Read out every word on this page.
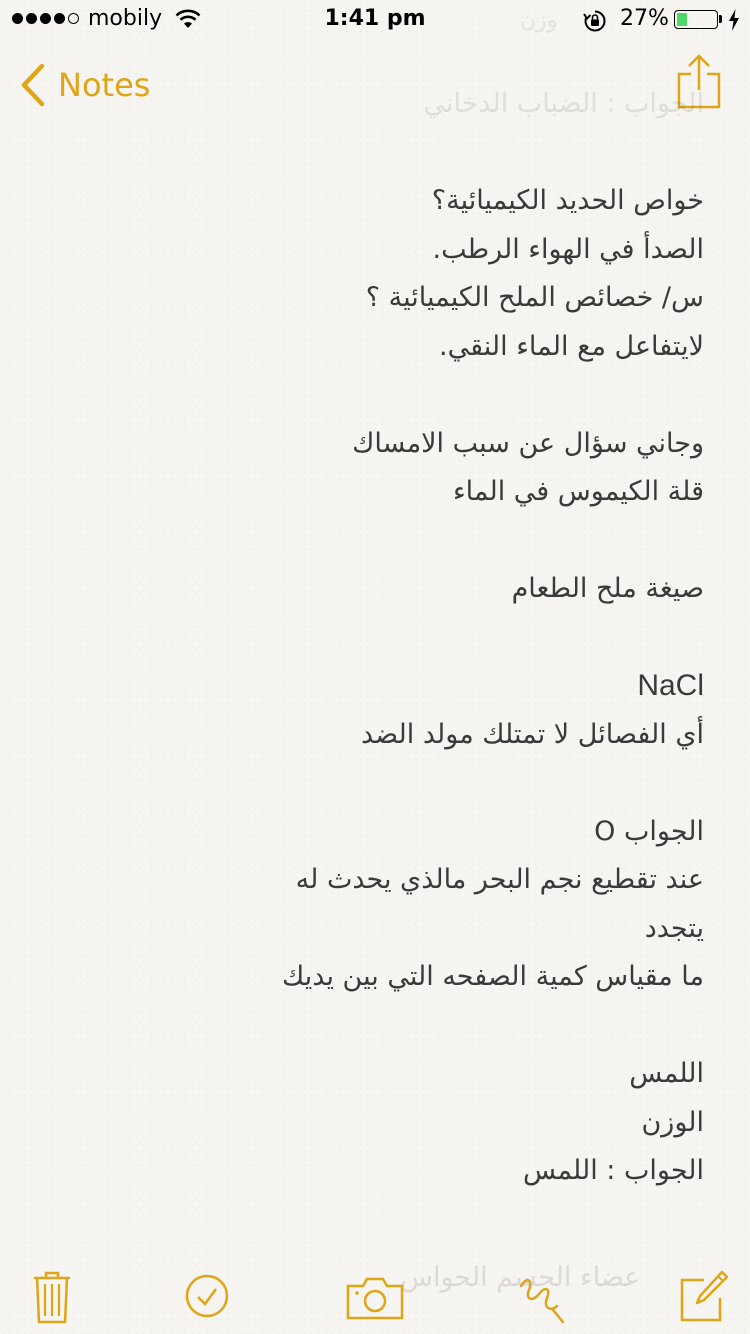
mobily	1:41 pm	27%
وزن
Notes	الجواب : الضباب الدخاني
خواص الحديد الكيميائية؟
الصدأ في الهواء الرطب.
س/ خصائص الملح الكيميائية ؟
لايتفاعل مع الماء النقي.
وجاني سؤال عن سبب الامساك
قلة الكيموس في الماء
صيغة ملح الطعام
NaCl
أي الفصائل لا تمتلك مولد الضد
الجواب O
عند تقطيع نجم البحر مالذي يحدث له
يتجدد
ما مقياس كمية الصفحه التي بين يديك
اللمس
الوزن
الجواب : اللمس
عضاء الجسم الحواس
